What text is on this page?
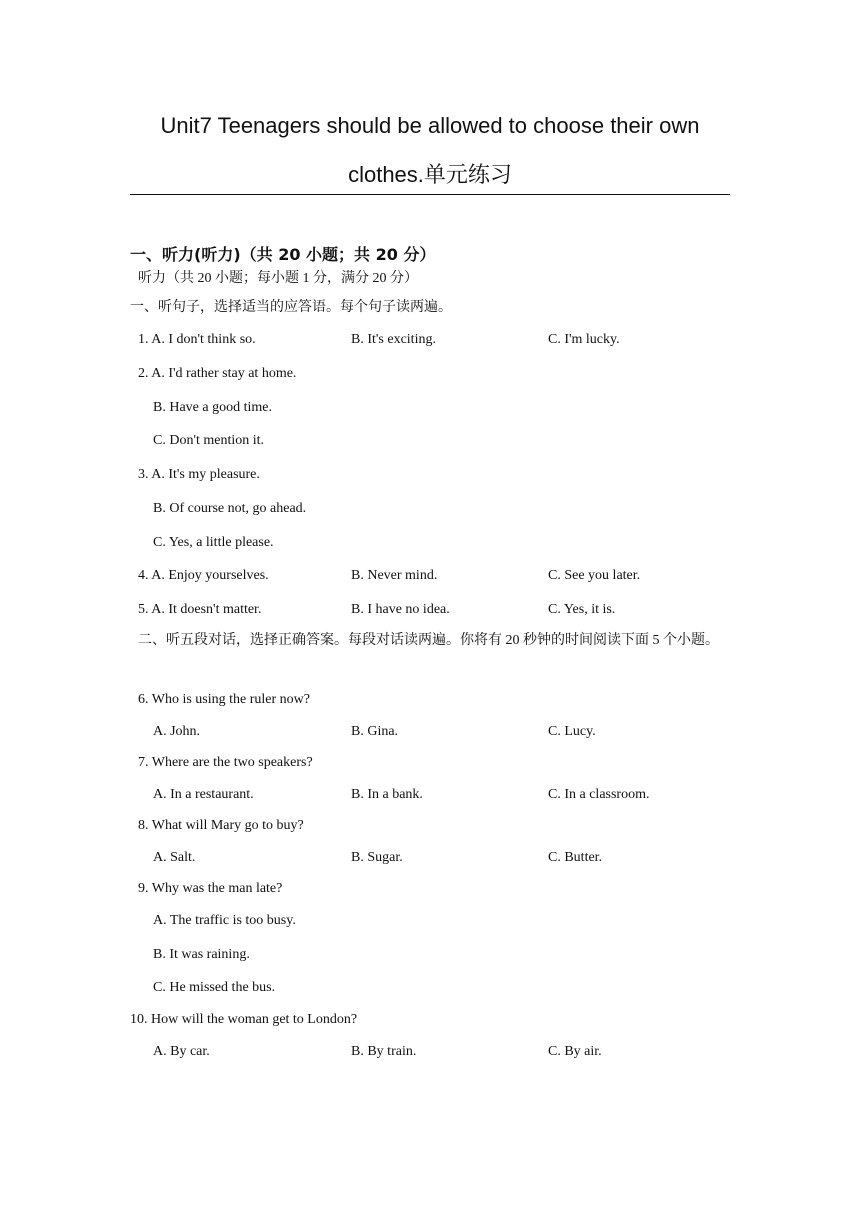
Unit7 Teenagers should be allowed to choose their own
clothes.单元练习
一、听力(听力)（共 20 小题；共 20 分）
听力（共 20 小题；每小题 1 分，满分 20 分）
一、听句子，选择适当的应答语。每个句子读两遍。
1. A. I don't think so.	B. It's exciting.	C. I'm lucky.
2. A. I'd rather stay at home.
B. Have a good time.
C. Don't mention it.
3. A. It's my pleasure.
B. Of course not, go ahead.
C. Yes, a little please.
4. A. Enjoy yourselves.	B. Never mind.	C. See you later.
5. A. It doesn't matter.	B. I have no idea.	C. Yes, it is.
二、听五段对话，选择正确答案。每段对话读两遍。你将有 20 秒钟的时间阅读下面 5 个小题。
6. Who is using the ruler now?
A. John.	B. Gina.	C. Lucy.
7. Where are the two speakers?
A. In a restaurant.	B. In a bank.	C. In a classroom.
8. What will Mary go to buy?
A. Salt.	B. Sugar.	C. Butter.
9. Why was the man late?
A. The traffic is too busy.
B. It was raining.
C. He missed the bus.
10. How will the woman get to London?
A. By car.	B. By train.	C. By air.
